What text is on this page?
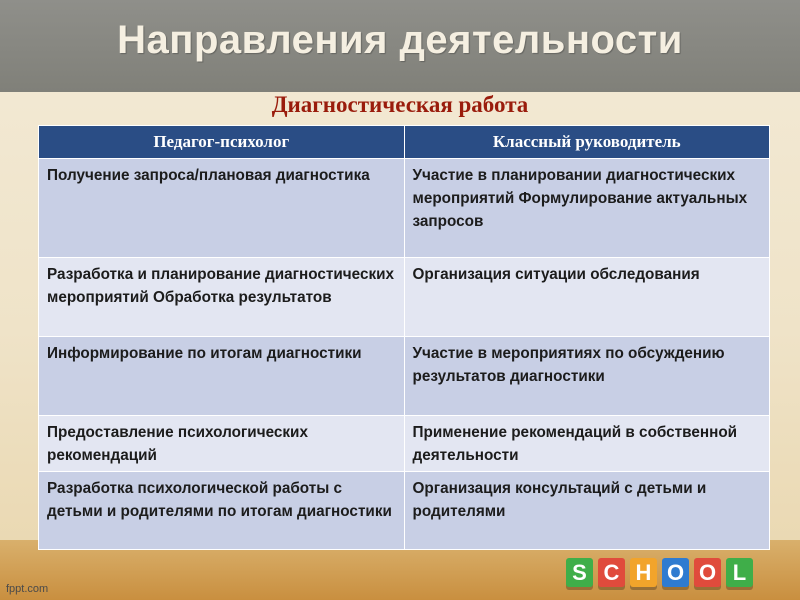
Направления деятельности
Диагностическая работа
Педагог-психолог	Классный руководитель
Получение запроса/плановая диагностика	Участие в планировании диагностических мероприятий Формулирование актуальных запросов
Разработка и планирование диагностических мероприятий Обработка результатов	Организация ситуации обследования
Информирование по итогам диагностики	Участие в мероприятиях по обсуждению результатов диагностики
Предоставление психологических рекомендаций	Применение рекомендаций в собственной деятельности
Разработка психологической работы с детьми и родителями по итогам диагностики	Организация консультаций с детьми и родителями
fppt.com
S C H O O L
